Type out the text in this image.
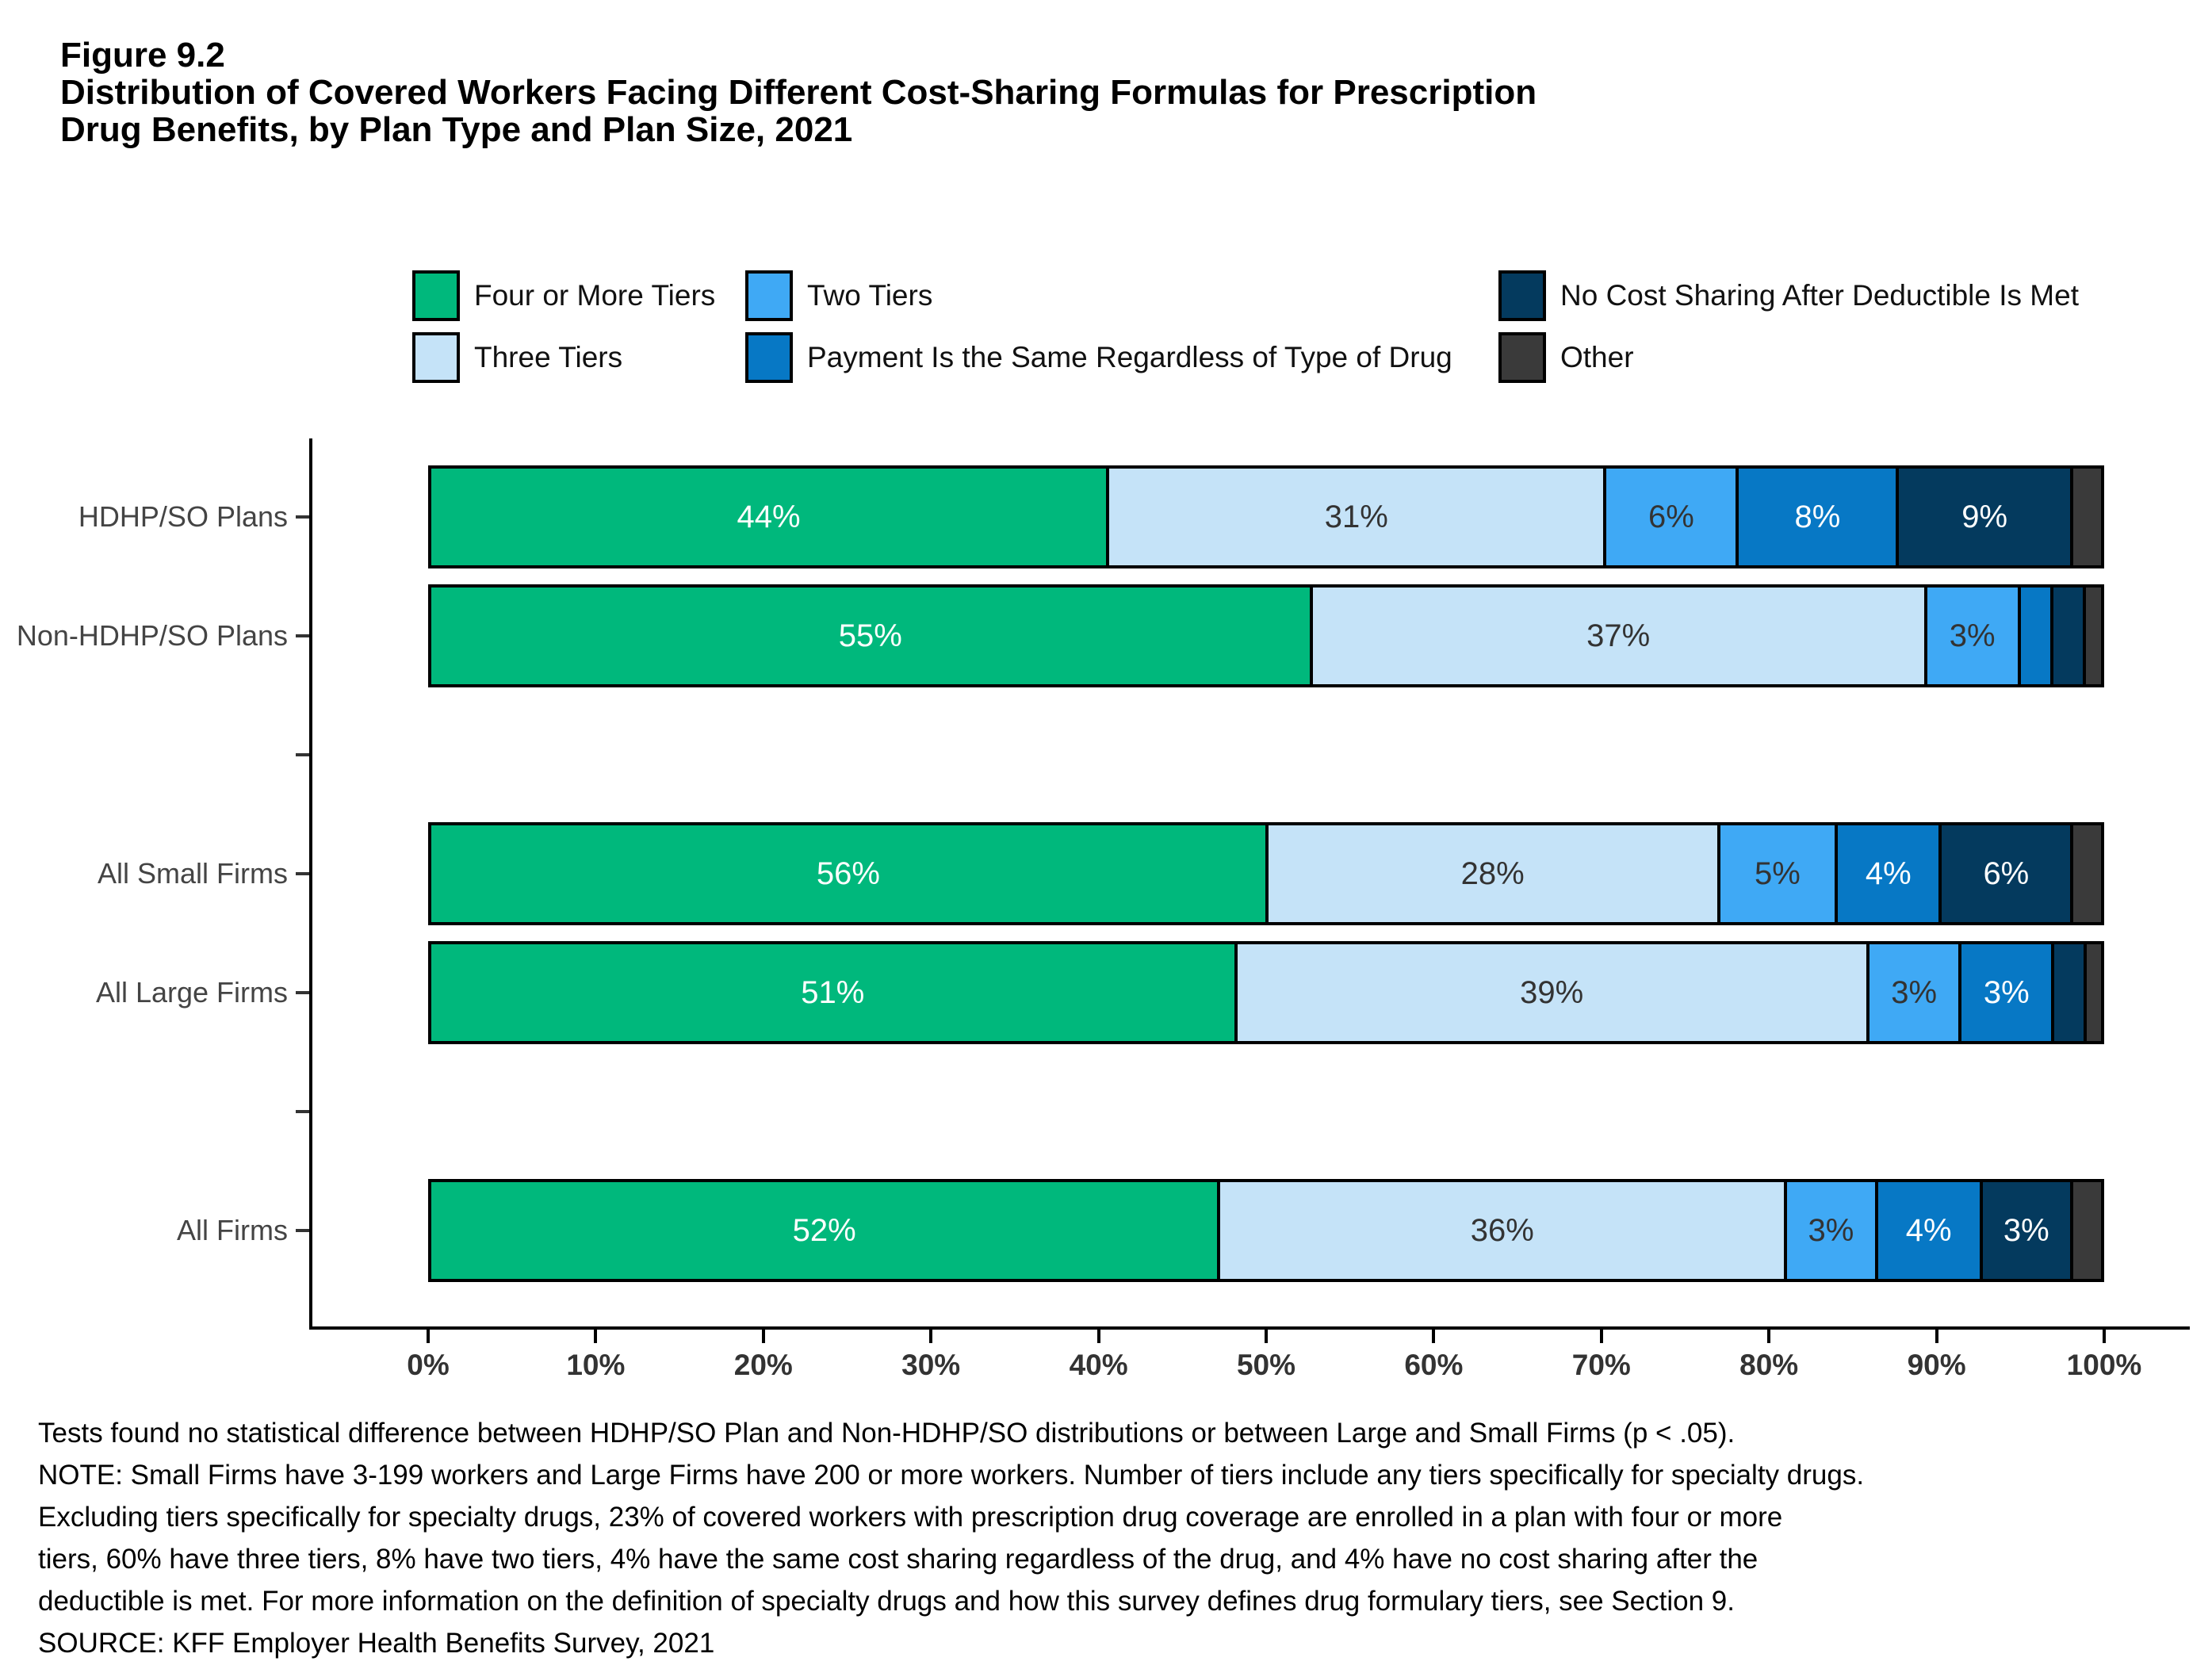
Figure 9.2
Distribution of Covered Workers Facing Different Cost-Sharing Formulas for Prescription
Drug Benefits, by Plan Type and Plan Size, 2021
Four or More Tiers
Three Tiers
Two Tiers
Payment Is the Same Regardless of Type of Drug
No Cost Sharing After Deductible Is Met
Other
HDHP/SO Plans
Non-HDHP/SO Plans
All Small Firms
All Large Firms
All Firms
44%	31%	6%	8%	9%
55%	37%	3%
56%	28%	5% 4% 6%
51%	39%	3% 3%
52%	36%	3% 4% 3%
0%	10%	20%	30%	40%	50%	60%	70%	80%	90%	100%
Tests found no statistical difference between HDHP/SO Plan and Non-HDHP/SO distributions or between Large and Small Firms (p < .05).
NOTE: Small Firms have 3-199 workers and Large Firms have 200 or more workers. Number of tiers include any tiers specifically for specialty drugs.
Excluding tiers specifically for specialty drugs, 23% of covered workers with prescription drug coverage are enrolled in a plan with four or more
tiers, 60% have three tiers, 8% have two tiers, 4% have the same cost sharing regardless of the drug, and 4% have no cost sharing after the
deductible is met. For more information on the definition of specialty drugs and how this survey defines drug formulary tiers, see Section 9.
SOURCE: KFF Employer Health Benefits Survey, 2021
